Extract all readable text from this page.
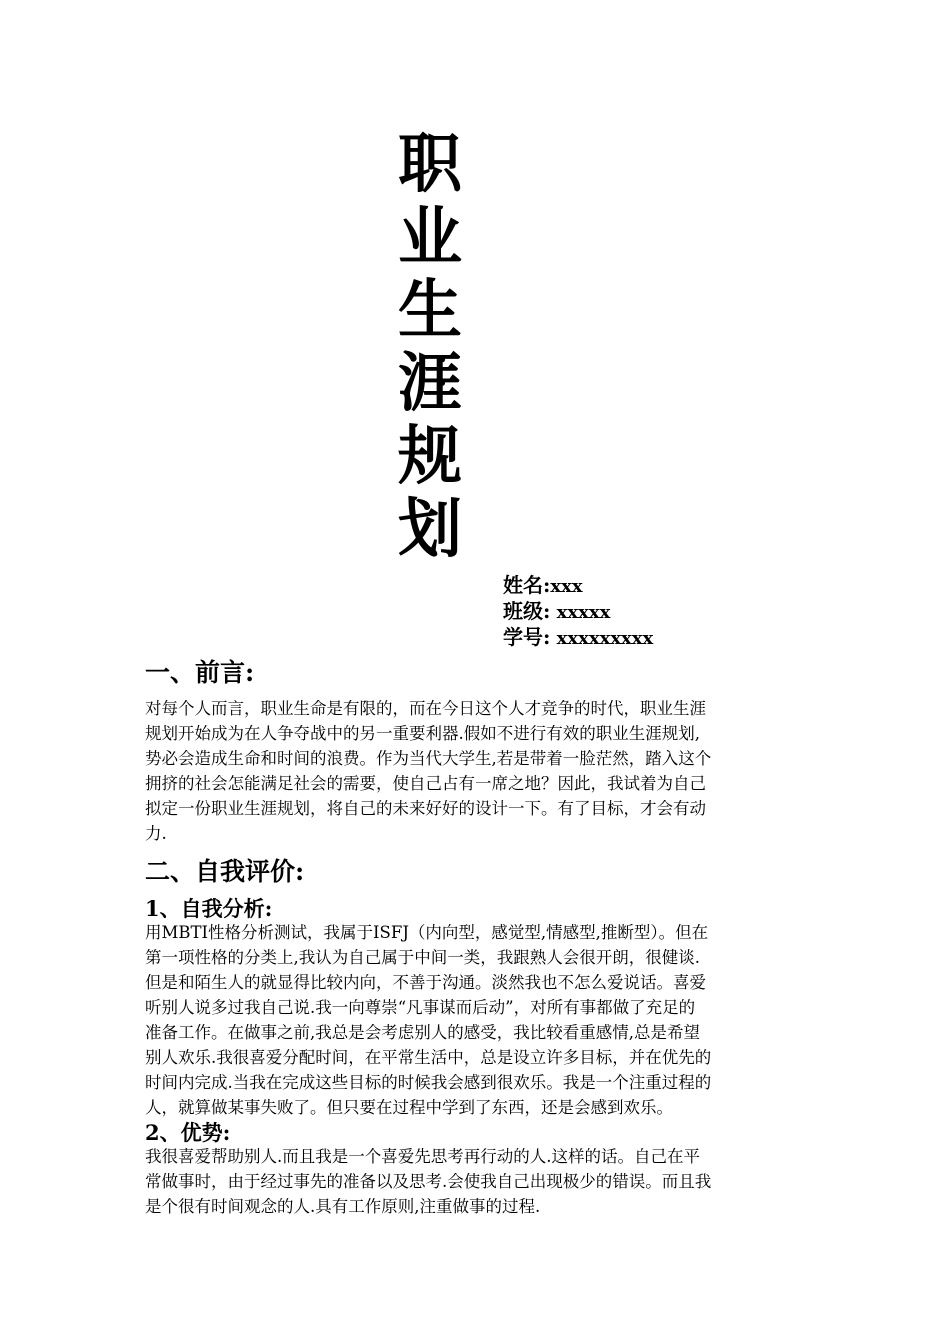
职
业
生
涯
规
划
姓名:xxx
班级: xxxxx
学号: xxxxxxxxx
一、前言:
对每个人而言，职业生命是有限的，而在今日这个人才竞争的时代，职业生涯
规划开始成为在人争夺战中的另一重要利器.假如不进行有效的职业生涯规划,
势必会造成生命和时间的浪费。作为当代大学生,若是带着一脸茫然，踏入这个
拥挤的社会怎能满足社会的需要，使自己占有一席之地？因此，我试着为自己
拟定一份职业生涯规划，将自己的未来好好的设计一下。有了目标，才会有动
力.
二、自我评价:
1、自我分析:
用MBTI性格分析测试，我属于ISFJ（内向型，感觉型,情感型,推断型）。但在
第一项性格的分类上,我认为自己属于中间一类，我跟熟人会很开朗，很健谈.
但是和陌生人的就显得比较内向，不善于沟通。淡然我也不怎么爱说话。喜爱
听别人说多过我自己说.我一向尊崇“凡事谋而后动”，对所有事都做了充足的
准备工作。在做事之前,我总是会考虑别人的感受，我比较看重感情,总是希望
别人欢乐.我很喜爱分配时间，在平常生活中，总是设立许多目标，并在优先的
时间内完成.当我在完成这些目标的时候我会感到很欢乐。我是一个注重过程的
人，就算做某事失败了。但只要在过程中学到了东西，还是会感到欢乐。
2、优势:
我很喜爱帮助别人.而且我是一个喜爱先思考再行动的人.这样的话。自己在平
常做事时，由于经过事先的准备以及思考.会使我自己出现极少的错误。而且我
是个很有时间观念的人.具有工作原则,注重做事的过程.
